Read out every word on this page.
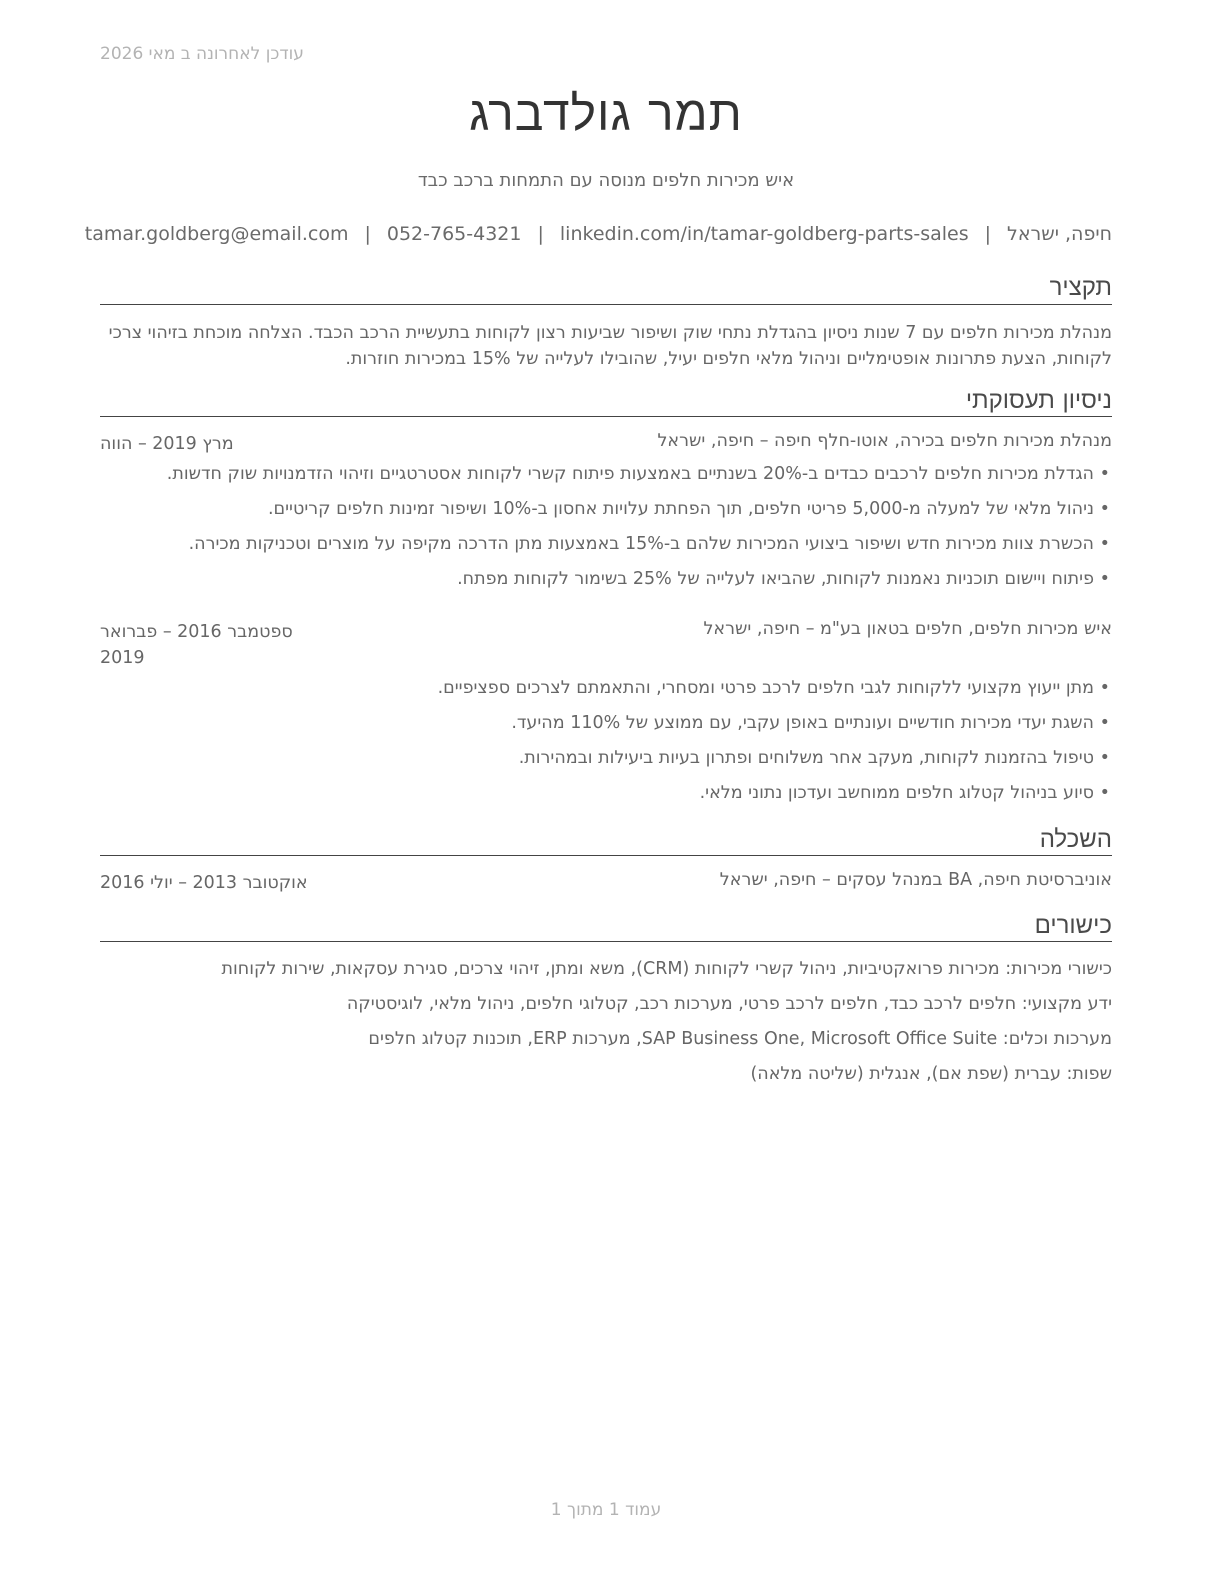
עודכן לאחרונה ב מאי 2026
תמר גולדברג
איש מכירות חלפים מנוסה עם התמחות ברכב כבד
חיפה, ישראל|tamar.goldberg@email.com | 052-765-4321 | linkedin.com/in/tamar-goldberg-parts-sales
תקציר
מנהלת מכירות חלפים עם 7 שנות ניסיון בהגדלת נתחי שוק ושיפור שביעות רצון לקוחות בתעשיית הרכב הכבד. הצלחה מוכחת בזיהוי צרכי לקוחות, הצעת פתרונות אופטימליים וניהול מלאי חלפים יעיל, שהובילו לעלייה של 15% במכירות חוזרות.
ניסיון תעסוקתי
מנהלת מכירות חלפים בכירה, אוטו-חלף חיפה – חיפה, ישראל
מרץ 2019 – הווה
•
הגדלת מכירות חלפים לרכבים כבדים ב-20% בשנתיים באמצעות פיתוח קשרי לקוחות אסטרטגיים וזיהוי הזדמנויות שוק חדשות.
•
ניהול מלאי של למעלה מ-5,000 פריטי חלפים, תוך הפחתת עלויות אחסון ב-10% ושיפור זמינות חלפים קריטיים.
•
הכשרת צוות מכירות חדש ושיפור ביצועי המכירות שלהם ב-15% באמצעות מתן הדרכה מקיפה על מוצרים וטכניקות מכירה.
•
פיתוח ויישום תוכניות נאמנות לקוחות, שהביאו לעלייה של 25% בשימור לקוחות מפתח.
איש מכירות חלפים, חלפים בטאון בע"מ – חיפה, ישראל
ספטמבר 2016 – פברואר 2019
•
מתן ייעוץ מקצועי ללקוחות לגבי חלפים לרכב פרטי ומסחרי, והתאמתם לצרכים ספציפיים.
•
השגת יעדי מכירות חודשיים ועונתיים באופן עקבי, עם ממוצע של 110% מהיעד.
•
טיפול בהזמנות לקוחות, מעקב אחר משלוחים ופתרון בעיות ביעילות ובמהירות.
•
סיוע בניהול קטלוג חלפים ממוחשב ועדכון נתוני מלאי.
השכלה
אוניברסיטת חיפה, BA במנהל עסקים – חיפה, ישראל
אוקטובר 2013 – יולי 2016
כישורים
כישורי מכירות: מכירות פרואקטיביות, ניהול קשרי לקוחות (CRM), משא ומתן, זיהוי צרכים, סגירת עסקאות, שירות לקוחות
ידע מקצועי: חלפים לרכב כבד, חלפים לרכב פרטי, מערכות רכב, קטלוגי חלפים, ניהול מלאי, לוגיסטיקה
מערכות וכלים: SAP Business One, Microsoft Office Suite, מערכות ERP, תוכנות קטלוג חלפים
שפות: עברית (שפת אם), אנגלית (שליטה מלאה)
עמוד 1 מתוך 1
